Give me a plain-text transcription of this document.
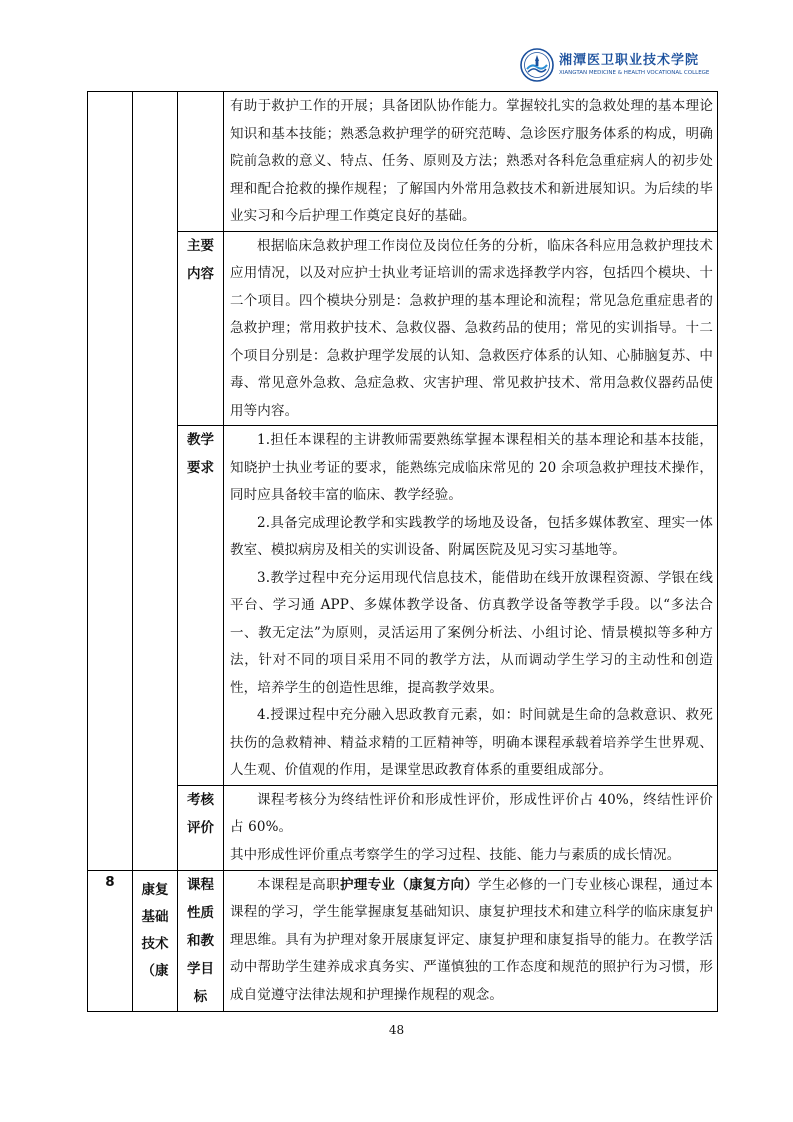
湘潭医卫职业技术学院
XIANGTAN MEDICINE & HEALTH VOCATIONAL COLLEGE

			有助于救护工作的开展；具备团队协作能力。掌握较扎实的急救处理的基本理论知识和基本技能；熟悉急救护理学的研究范畴、急诊医疗服务体系的构成，明确院前急救的意义、特点、任务、原则及方法；熟悉对各科危急重症病人的初步处理和配合抢救的操作规程；了解国内外常用急救技术和新进展知识。为后续的毕业实习和今后护理工作奠定良好的基础。

		主要内容	根据临床急救护理工作岗位及岗位任务的分析，临床各科应用急救护理技术应用情况，以及对应护士执业考证培训的需求选择教学内容，包括四个模块、十二个项目。四个模块分别是：急救护理的基本理论和流程；常见急危重症患者的急救护理；常用救护技术、急救仪器、急救药品的使用；常见的实训指导。十二个项目分别是：急救护理学发展的认知、急救医疗体系的认知、心肺脑复苏、中毒、常见意外急救、急症急救、灾害护理、常见救护技术、常用急救仪器药品使用等内容。

		教学要求	1.担任本课程的主讲教师需要熟练掌握本课程相关的基本理论和基本技能，知晓护士执业考证的要求，能熟练完成临床常见的 20 余项急救护理技术操作，同时应具备较丰富的临床、教学经验。

2.具备完成理论教学和实践教学的场地及设备，包括多媒体教室、理实一体教室、模拟病房及相关的实训设备、附属医院及见习实习基地等。

3.教学过程中充分运用现代信息技术，能借助在线开放课程资源、学银在线平台、学习通 APP、多媒体教学设备、仿真教学设备等教学手段。以“多法合一、教无定法”为原则，灵活运用了案例分析法、小组讨论、情景模拟等多种方法，针对不同的项目采用不同的教学方法，从而调动学生学习的主动性和创造性，培养学生的创造性思维，提高教学效果。

4.授课过程中充分融入思政教育元素，如：时间就是生命的急救意识、救死扶伤的急救精神、精益求精的工匠精神等，明确本课程承载着培养学生世界观、人生观、价值观的作用，是课堂思政教育体系的重要组成部分。

		考核评价	课程考核分为终结性评价和形成性评价，形成性评价占 40%，终结性评价占 60%。

其中形成性评价重点考察学生的学习过程、技能、能力与素质的成长情况。

8	康复基础技术（康	课程性质和教学目标	本课程是高职护理专业（康复方向）学生必修的一门专业核心课程，通过本课程的学习，学生能掌握康复基础知识、康复护理技术和建立科学的临床康复护理思维。具有为护理对象开展康复评定、康复护理和康复指导的能力。在教学活动中帮助学生建养成求真务实、严谨慎独的工作态度和规范的照护行为习惯，形成自觉遵守法律法规和护理操作规程的观念。

48
